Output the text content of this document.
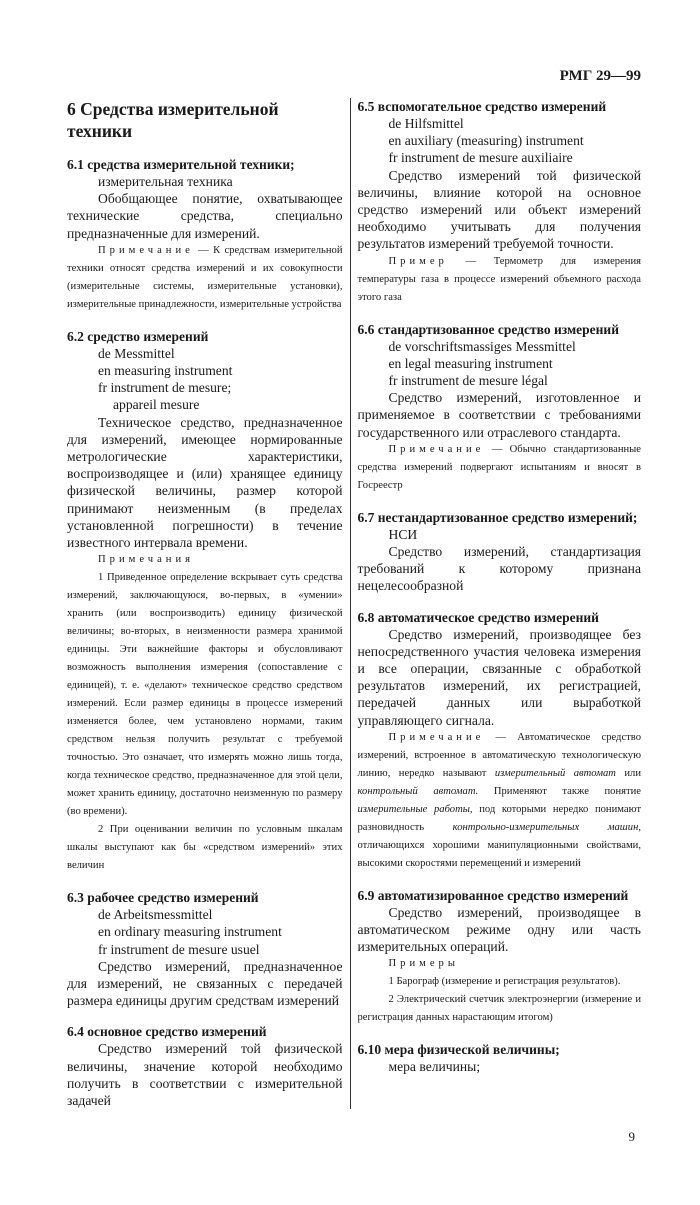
РМГ 29—99
6 Средства измерительной техники

6.1 средства измерительной техники;

измерительная техника

Обобщающее понятие, охватывающее технические средства, специально предназначенные для измерений.

Примечание — К средствам измерительной техники относят средства измерений и их совокупности (измерительные системы, измерительные установки), измерительные принадлежности, измерительные устройства

6.2 средство измерений

de Messmittel

en measuring instrument

fr instrument de mesure;

appareil mesure

Техническое средство, предназначенное для измерений, имеющее нормированные метрологические характеристики, воспроизводящее и (или) хранящее единицу физической величины, размер которой принимают неизменным (в пределах установленной погрешности) в течение известного интервала времени.

Примечания

1 Приведенное определение вскрывает суть средства измерений, заключающуюся, во-первых, в «умении» хранить (или воспроизводить) единицу физической величины; во-вторых, в неизменности размера хранимой единицы. Эти важнейшие факторы и обусловливают возможность выполнения измерения (сопоставление с единицей), т. е. «делают» техническое средство средством измерений. Если размер единицы в процессе измерений изменяется более, чем установлено нормами, таким средством нельзя получить результат с требуемой точностью. Это означает, что измерять можно лишь тогда, когда техническое средство, предназначенное для этой цели, может хранить единицу, достаточно неизменную по размеру (во времени).

2 При оценивании величин по условным шкалам шкалы выступают как бы «средством измерений» этих величин

6.3 рабочее средство измерений

de Arbeitsmessmittel

en ordinary measuring instrument

fr instrument de mesure usuel

Средство измерений, предназначенное для измерений, не связанных с передачей размера единицы другим средствам измерений

6.4 основное средство измерений

Средство измерений той физической величины, значение которой необходимо получить в соответствии с измерительной задачей

6.5 вспомогательное средство измерений

de Hilfsmittel

en auxiliary (measuring) instrument

fr instrument de mesure auxiliaire

Средство измерений той физической величины, влияние которой на основное средство измерений или объект измерений необходимо учитывать для получения результатов измерений требуемой точности.

Пример — Термометр для измерения температуры газа в процессе измерений объемного расхода этого газа

6.6 стандартизованное средство измерений

de vorschriftsmassiges Messmittel

en legal measuring instrument

fr instrument de mesure légal

Средство измерений, изготовленное и применяемое в соответствии с требованиями государственного или отраслевого стандарта.

Примечание — Обычно стандартизованные средства измерений подвергают испытаниям и вносят в Госреестр

6.7 нестандартизованное средство измерений;

НСИ

Средство измерений, стандартизация требований к которому признана нецелесообразной

6.8 автоматическое средство измерений

Средство измерений, производящее без непосредственного участия человека измерения и все операции, связанные с обработкой результатов измерений, их регистрацией, передачей данных или выработкой управляющего сигнала.

Примечание — Автоматическое средство измерений, встроенное в автоматическую технологическую линию, нередко называют измерительный автомат или контрольный автомат. Применяют также понятие измерительные работы, под которыми нередко понимают разновидность контрольно-измерительных машин, отличающихся хорошими манипуляционными свойствами, высокими скоростями перемещений и измерений

6.9 автоматизированное средство измерений

Средство измерений, производящее в автоматическом режиме одну или часть измерительных операций.

Примеры

1 Барограф (измерение и регистрация результатов).

2 Электрический счетчик электроэнергии (измерение и регистрация данных нарастающим итогом)

6.10 мера физической величины;

мера величины;

9
